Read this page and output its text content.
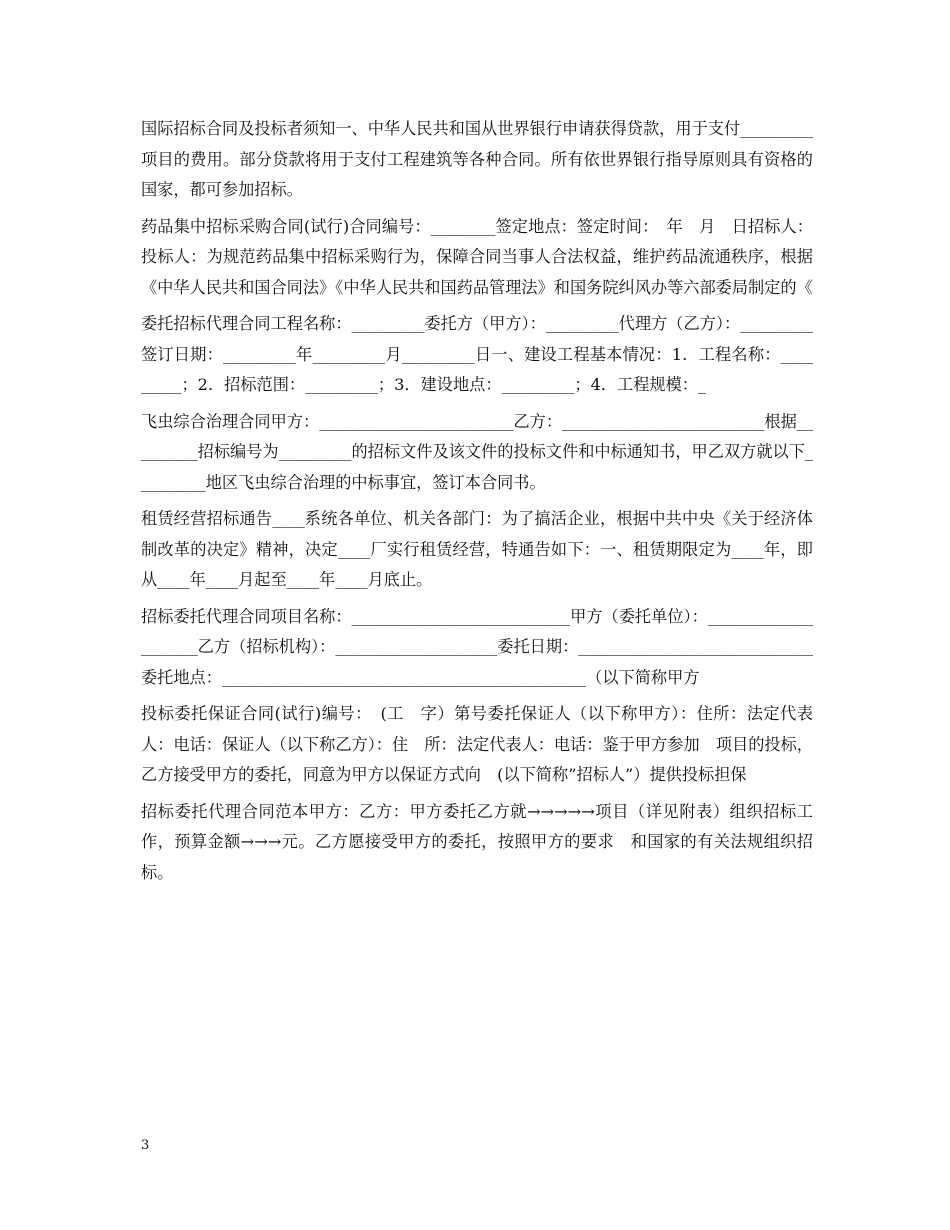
国际招标合同及投标者须知一、中华人民共和国从世界银行申请获得贷款，用于支付_________项目的费用。部分贷款将用于支付工程建筑等各种合同。所有依世界银行指导原则具有资格的国家，都可参加招标。

药品集中招标采购合同(试行)合同编号：________签定地点：签定时间：　年　月　日招标人：投标人：为规范药品集中招标采购行为，保障合同当事人合法权益，维护药品流通秩序，根据《中华人民共和国合同法》《中华人民共和国药品管理法》和国务院纠风办等六部委局制定的《

委托招标代理合同工程名称：_________委托方（甲方）：_________代理方（乙方）：_________签订日期：_________年_________月_________日一、建设工程基本情况：1．工程名称：_________；2．招标范围：_________；3．建设地点：_________；4．工程规模：_

飞虫综合治理合同甲方：________________________乙方：_________________________根据_________招标编号为_________的招标文件及该文件的投标文件和中标通知书，甲乙双方就以下_________地区飞虫综合治理的中标事宜，签订本合同书。

租赁经营招标通告____系统各单位、机关各部门：为了搞活企业，根据中共中央《关于经济体制改革的决定》精神，决定____厂实行租赁经营，特通告如下：一、租赁期限定为____年，即从____年____月起至____年____月底止。

招标委托代理合同项目名称：___________________________甲方（委托单位）：____________________乙方（招标机构）：____________________委托日期：_____________________________委托地点：_____________________________________________（以下简称甲方

投标委托保证合同(试行)编号：　(工　字）第号委托保证人（以下称甲方）：住所：法定代表人：电话：保证人（以下称乙方）：住　所：法定代表人：电话：鉴于甲方参加　项目的投标，乙方接受甲方的委托，同意为甲方以保证方式向　(以下简称”招标人”）提供投标担保

招标委托代理合同范本甲方：乙方：甲方委托乙方就→→→→→项目（详见附表）组织招标工作，预算金额→→→元。乙方愿接受甲方的委托，按照甲方的要求　和国家的有关法规组织招标。

3
